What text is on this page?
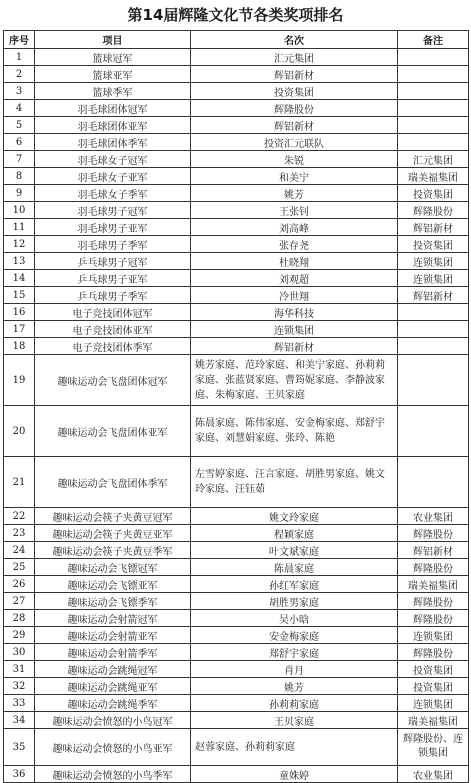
第14届辉隆文化节各类奖项排名
序号	项目	名次	备注
1	篮球冠军	汇元集团	
2	篮球亚军	辉铝新材	
3	篮球季军	投资集团	
4	羽毛球团体冠军	辉隆股份	
5	羽毛球团体亚军	辉铝新材	
6	羽毛球团体季军	投资汇元联队	
7	羽毛球女子冠军	朱锐	汇元集团
8	羽毛球女子亚军	和美宁	瑞美福集团
9	羽毛球女子季军	姚芳	投资集团
10	羽毛球男子冠军	王张钊	辉隆股份
11	羽毛球男子亚军	刘高峰	辉铝新材
12	羽毛球男子季军	张存尧	投资集团
13	乒乓球男子冠军	杜晓翔	连锁集团
14	乒乓球男子亚军	刘观超	连锁集团
15	乒乓球男子季军	冷世翔	辉铝新材
16	电子竞技团体冠军	海华科技	
17	电子竞技团体亚军	连锁集团	
18	电子竞技团体季军	辉铝新材	
19	趣味运动会飞盘团体冠军	姚芳家庭、范玲家庭、和美宁家庭、孙莉莉家庭、张蓝贤家庭、曹筠妮家庭、李静波家庭、朱梅家庭、王贝家庭	
20	趣味运动会飞盘团体亚军	陈晨家庭、陈伟家庭、安金梅家庭、郑舒宇家庭、刘慧娟家庭、张玲、陈艳	
21	趣味运动会飞盘团体季军	左雪婷家庭、汪言家庭、胡胜男家庭、姚文玲家庭、汪钰茹	
22	趣味运动会筷子夹黄豆冠军	姚文玲家庭	农业集团
23	趣味运动会筷子夹黄豆亚军	程颖家庭	辉隆股份
24	趣味运动会筷子夹黄豆季军	叶文斌家庭	辉铝新材
25	趣味运动会飞镖冠军	陈晨家庭	辉隆股份
26	趣味运动会飞镖亚军	孙红军家庭	瑞美福集团
27	趣味运动会飞镖季军	胡胜男家庭	辉隆股份
28	趣味运动会射箭冠军	吴小晗	辉隆股份
29	趣味运动会射箭亚军	安金梅家庭	连锁集团
30	趣味运动会射箭季军	郑舒宇家庭	辉隆股份
31	趣味运动会跳绳冠军	肖月	投资集团
32	趣味运动会跳绳亚军	姚芳	投资集团
33	趣味运动会跳绳季军	孙莉莉家庭	连锁集团
34	趣味运动会愤怒的小鸟冠军	王贝家庭	瑞美福集团
35	趣味运动会愤怒的小鸟亚军	赵蓉家庭、孙莉莉家庭	辉隆股份、连锁集团
36	趣味运动会愤怒的小鸟季军	童姝婷	农业集团
